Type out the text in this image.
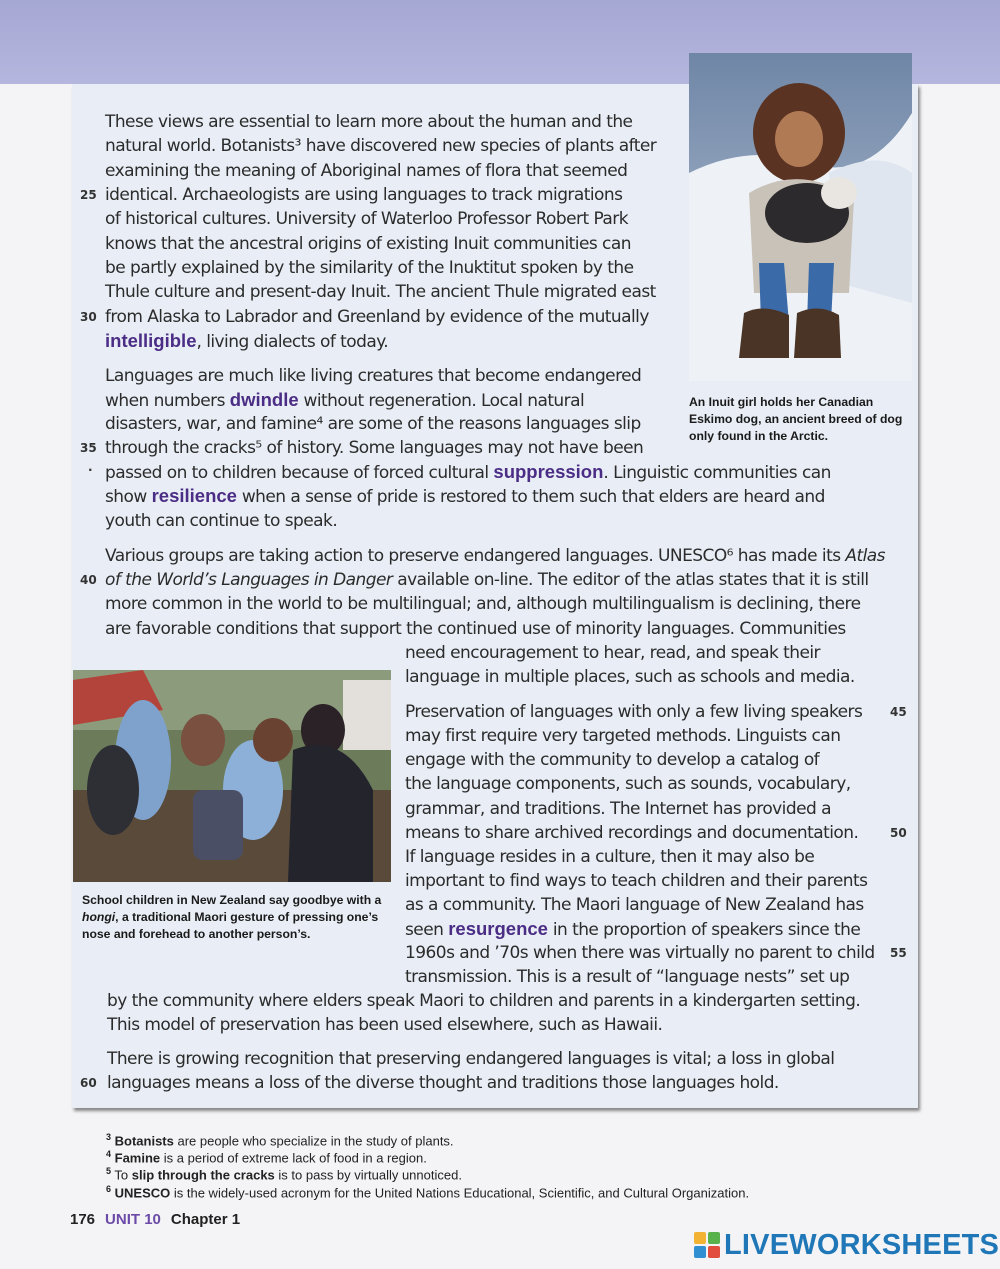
An Inuit girl holds her Canadian Eskimo dog, an ancient breed of dog only found in the Arctic.
School children in New Zealand say goodbye with a hongi, a traditional Maori gesture of pressing one’s nose and forehead to another person’s.
These views are essential to learn more about the human and the
natural world. Botanists³ have discovered new species of plants after
examining the meaning of Aboriginal names of flora that seemed
identical. Archaeologists are using languages to track migrations
of historical cultures. University of Waterloo Professor Robert Park
knows that the ancestral origins of existing Inuit communities can
be partly explained by the similarity of the Inuktitut spoken by the
Thule culture and present-day Inuit. The ancient Thule migrated east
from Alaska to Labrador and Greenland by evidence of the mutually
intelligible, living dialects of today.
Languages are much like living creatures that become endangered
when numbers dwindle without regeneration. Local natural
disasters, war, and famine⁴ are some of the reasons languages slip
through the cracks⁵ of history. Some languages may not have been
passed on to children because of forced cultural suppression. Linguistic communities can
show resilience when a sense of pride is restored to them such that elders are heard and
youth can continue to speak.
Various groups are taking action to preserve endangered languages. UNESCO⁶ has made its Atlas
of the World’s Languages in Danger available on-line. The editor of the atlas states that it is still
more common in the world to be multilingual; and, although multilingualism is declining, there
are favorable conditions that support the continued use of minority languages. Communities
need encouragement to hear, read, and speak their
language in multiple places, such as schools and media.
Preservation of languages with only a few living speakers
may first require very targeted methods. Linguists can
engage with the community to develop a catalog of
the language components, such as sounds, vocabulary,
grammar, and traditions. The Internet has provided a
means to share archived recordings and documentation.
If language resides in a culture, then it may also be
important to find ways to teach children and their parents
as a community. The Maori language of New Zealand has
seen resurgence in the proportion of speakers since the
1960s and ’70s when there was virtually no parent to child
transmission. This is a result of “language nests” set up
by the community where elders speak Maori to children and parents in a kindergarten setting.
This model of preservation has been used elsewhere, such as Hawaii.
There is growing recognition that preserving endangered languages is vital; a loss in global
languages means a loss of the diverse thought and traditions those languages hold.
25
30
35
·
40
45
50
55
60
$^3$ Botanists are people who specialize in the study of plants.
$^4$ Famine is a period of extreme lack of food in a region.
$^5$ To slip through the cracks is to pass by virtually unnoticed.
$^6$ UNESCO is the widely-used acronym for the United Nations Educational, Scientific, and Cultural Organization.
176 UNIT 10 Chapter 1
LIVEWORKSHEETS
